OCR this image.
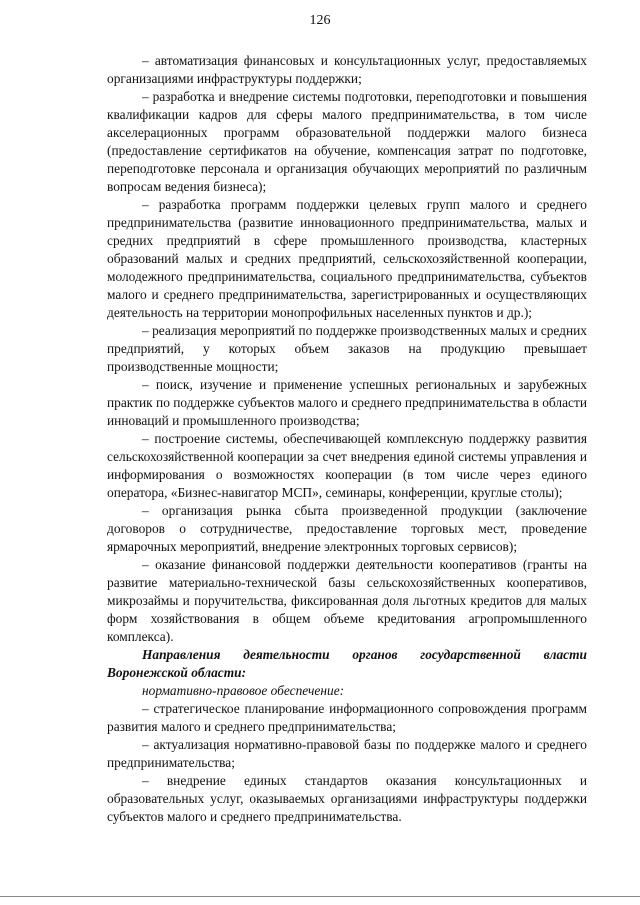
126

– автоматизация финансовых и консультационных услуг, предоставляемых организациями инфраструктуры поддержки;

– разработка и внедрение системы подготовки, переподготовки и повышения квалификации кадров для сферы малого предпринимательства, в том числе акселерационных программ образовательной поддержки малого бизнеса (предоставление сертификатов на обучение, компенсация затрат по подготовке, переподготовке персонала и организация обучающих мероприятий по различным вопросам ведения бизнеса);

– разработка программ поддержки целевых групп малого и среднего предпринимательства (развитие инновационного предпринимательства, малых и средних предприятий в сфере промышленного производства, кластерных образований малых и средних предприятий, сельскохозяйственной кооперации, молодежного предпринимательства, социального предпринимательства, субъектов малого и среднего предпринимательства, зарегистрированных и осуществляющих деятельность на территории монопрофильных населенных пунктов и др.);

– реализация мероприятий по поддержке производственных малых и средних предприятий, у которых объем заказов на продукцию превышает производственные мощности;

– поиск, изучение и применение успешных региональных и зарубежных практик по поддержке субъектов малого и среднего предпринимательства в области инноваций и промышленного производства;

– построение системы, обеспечивающей комплексную поддержку развития сельскохозяйственной кооперации за счет внедрения единой системы управления и информирования о возможностях кооперации (в том числе через единого оператора, «Бизнес-навигатор МСП», семинары, конференции, круглые столы);

– организация рынка сбыта произведенной продукции (заключение договоров о сотрудничестве, предоставление торговых мест, проведение ярмарочных мероприятий, внедрение электронных торговых сервисов);

– оказание финансовой поддержки деятельности кооперативов (гранты на развитие материально-технической базы сельскохозяйственных кооперативов, микрозаймы и поручительства, фиксированная доля льготных кредитов для малых форм хозяйствования в общем объеме кредитования агропромышленного комплекса).

Направления деятельности органов государственной власти Воронежской области:

нормативно-правовое обеспечение:

– стратегическое планирование информационного сопровождения программ развития малого и среднего предпринимательства;

– актуализация нормативно-правовой базы по поддержке малого и среднего предпринимательства;

– внедрение единых стандартов оказания консультационных и образовательных услуг, оказываемых организациями инфраструктуры поддержки субъектов малого и среднего предпринимательства.
